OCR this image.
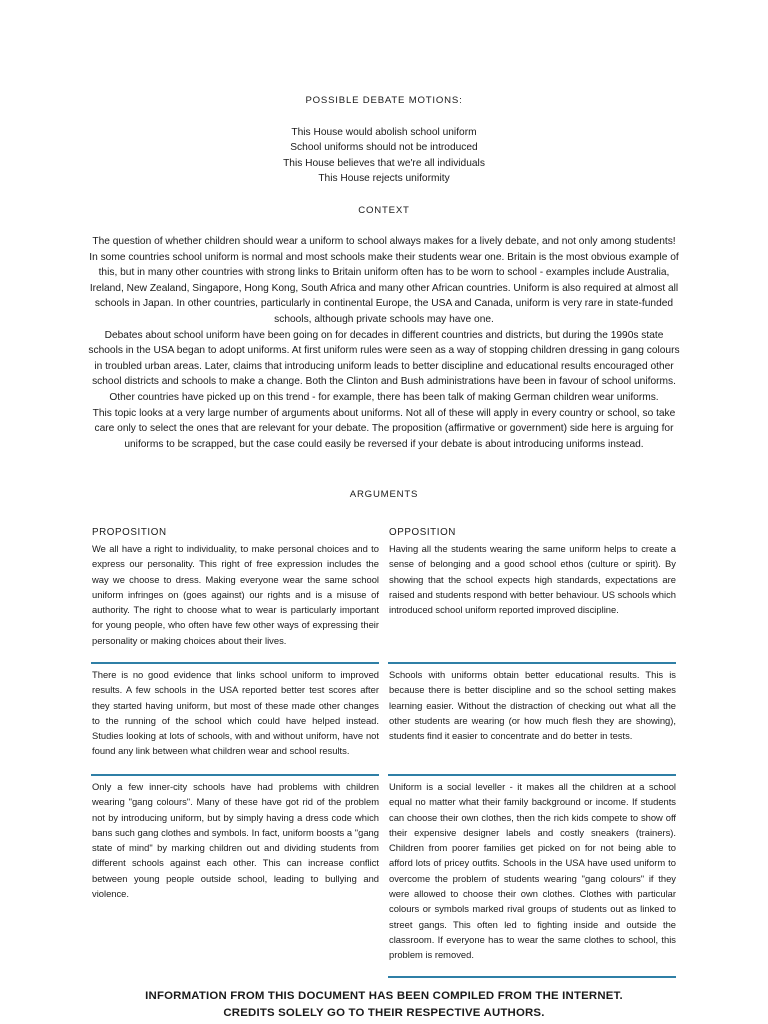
POSSIBLE DEBATE MOTIONS:
This House would abolish school uniform
School uniforms should not be introduced
This House believes that we're all individuals
This House rejects uniformity
CONTEXT

The question of whether children should wear a uniform to school always makes for a lively debate, and not only among students! In some countries school uniform is normal and most schools make their students wear one. Britain is the most obvious example of this, but in many other countries with strong links to Britain uniform often has to be worn to school - examples include Australia, Ireland, New Zealand, Singapore, Hong Kong, South Africa and many other African countries. Uniform is also required at almost all schools in Japan. In other countries, particularly in continental Europe, the USA and Canada, uniform is very rare in state-funded schools, although private schools may have one.

Debates about school uniform have been going on for decades in different countries and districts, but during the 1990s state schools in the USA began to adopt uniforms. At first uniform rules were seen as a way of stopping children dressing in gang colours in troubled urban areas. Later, claims that introducing uniform leads to better discipline and educational results encouraged other school districts and schools to make a change. Both the Clinton and Bush administrations have been in favour of school uniforms. Other countries have picked up on this trend - for example, there has been talk of making German children wear uniforms.

This topic looks at a very large number of arguments about uniforms. Not all of these will apply in every country or school, so take care only to select the ones that are relevant for your debate. The proposition (affirmative or government) side here is arguing for uniforms to be scrapped, but the case could easily be reversed if your debate is about introducing uniforms instead.

ARGUMENTS
PROPOSITION	OPPOSITION
We all have a right to individuality, to make personal choices and to express our personality. This right of free expression includes the way we choose to dress. Making everyone wear the same school uniform infringes on (goes against) our rights and is a misuse of authority. The right to choose what to wear is particularly important for young people, who often have few other ways of expressing their personality or making choices about their lives.
Having all the students wearing the same uniform helps to create a sense of belonging and a good school ethos (culture or spirit). By showing that the school expects high standards, expectations are raised and students respond with better behaviour. US schools which introduced school uniform reported improved discipline.
There is no good evidence that links school uniform to improved results. A few schools in the USA reported better test scores after they started having uniform, but most of these made other changes to the running of the school which could have helped instead. Studies looking at lots of schools, with and without uniform, have not found any link between what children wear and school results.
Schools with uniforms obtain better educational results. This is because there is better discipline and so the school setting makes learning easier. Without the distraction of checking out what all the other students are wearing (or how much flesh they are showing), students find it easier to concentrate and do better in tests.
Only a few inner-city schools have had problems with children wearing "gang colours". Many of these have got rid of the problem not by introducing uniform, but by simply having a dress code which bans such gang clothes and symbols. In fact, uniform boosts a "gang state of mind" by marking children out and dividing students from different schools against each other. This can increase conflict between young people outside school, leading to bullying and violence.
Uniform is a social leveller - it makes all the children at a school equal no matter what their family background or income. If students can choose their own clothes, then the rich kids compete to show off their expensive designer labels and costly sneakers (trainers). Children from poorer families get picked on for not being able to afford lots of pricey outfits. Schools in the USA have used uniform to overcome the problem of students wearing "gang colours" if they were allowed to choose their own clothes. Clothes with particular colours or symbols marked rival groups of students out as linked to street gangs. This often led to fighting inside and outside the classroom. If everyone has to wear the same clothes to school, this problem is removed.
INFORMATION FROM THIS DOCUMENT HAS BEEN COMPILED FROM THE INTERNET.
CREDITS SOLELY GO TO THEIR RESPECTIVE AUTHORS.
